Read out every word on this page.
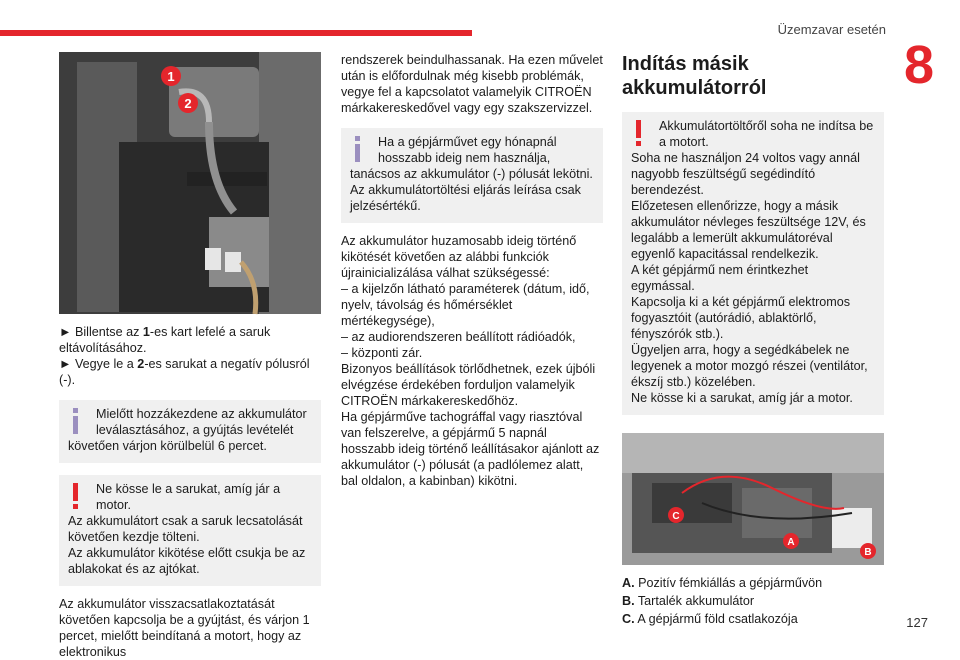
Üzemzavar esetén
8
1
2
► Billentse az 1-es kart lefelé a saruk eltávolításához.
► Vegye le a 2-es sarukat a negatív pólusról (-).
Mielőtt hozzákezdene az akkumulátor leválasztásához, a gyújtás levételét követően várjon körülbelül 6 percet.
Ne kösse le a sarukat, amíg jár a motor.
Az akkumulátort csak a saruk lecsatolását követően kezdje tölteni.
Az akkumulátor kikötése előtt csukja be az ablakokat és az ajtókat.
Az akkumulátor visszacsatlakoztatását követően kapcsolja be a gyújtást, és várjon 1 percet, mielőtt beindítaná a motort, hogy az elektronikus
rendszerek beindulhassanak. Ha ezen művelet után is előfordulnak még kisebb problémák, vegye fel a kapcsolatot valamelyik CITROËN márkakereskedővel vagy egy szakszervizzel.
Ha a gépjárművet egy hónapnál hosszabb ideig nem használja, tanácsos az akkumulátor (-) pólusát lekötni.
Az akkumulátortöltési eljárás leírása csak jelzésértékű.
Az akkumulátor huzamosabb ideig történő kikötését követően az alábbi funkciók újrainicializálása válhat szükségessé:
– a kijelzőn látható paraméterek (dátum, idő, nyelv, távolság és hőmérséklet mértékegysége),
– az audiorendszeren beállított rádióadók,
– központi zár.
Bizonyos beállítások törlődhetnek, ezek újbóli elvégzése érdekében forduljon valamelyik CITROËN márkakereskedőhöz.
Ha gépjárműve tachográffal vagy riasztóval van felszerelve, a gépjármű 5 napnál hosszabb ideig történő leállításakor ajánlott az akkumulátor (-) pólusát (a padlólemez alatt, bal oldalon, a kabinban) kikötni.
Indítás másik akkumulátorról
Akkumulátortöltőről soha ne indítsa be a motort.
Soha ne használjon 24 voltos vagy annál nagyobb feszültségű segédindító berendezést.
Előzetesen ellenőrizze, hogy a másik akkumulátor névleges feszültsége 12V, és legalább a lemerült akkumulátoréval egyenlő kapacitással rendelkezik.
A két gépjármű nem érintkezhet egymással.
Kapcsolja ki a két gépjármű elektromos fogyasztóit (autórádió, ablaktörlő, fényszórók stb.).
Ügyeljen arra, hogy a segédkábelek ne legyenek a motor mozgó részei (ventilátor, ékszíj stb.) közelében.
Ne kösse ki a sarukat, amíg jár a motor.
C
A
B
A. Pozitív fémkiállás a gépjárművön
B. Tartalék akkumulátor
C. A gépjármű föld csatlakozója	127
